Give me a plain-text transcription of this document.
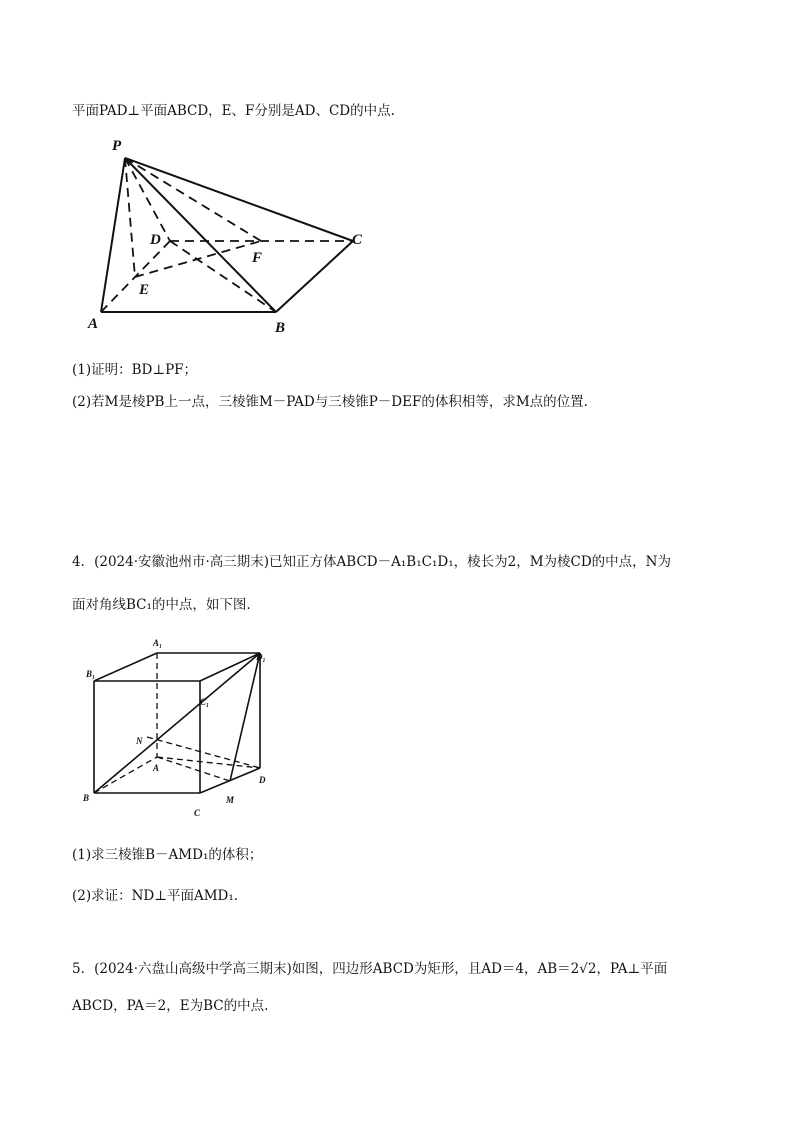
平面PAD⊥平面ABCD，E、F分别是AD、CD的中点.
P
A	B
C
D
E
F
(1)证明：BD⊥PF；
(2)若M是棱PB上一点，三棱锥M－PAD与三棱锥P－DEF的体积相等，求M点的位置.
4．(2024·安徽池州市·高三期末)已知正方体ABCD－A₁B₁C₁D₁，棱长为2，M为棱CD的中点，N为
面对角线BC₁的中点，如下图.
A₁
B₁
C₁
D₁
N
A
B
C
D
M
(1)求三棱锥B－AMD₁的体积；
(2)求证：ND⊥平面AMD₁.
5．(2024·六盘山高级中学高三期末)如图，四边形ABCD为矩形，且AD＝4，AB＝2√2，PA⊥平面
ABCD，PA＝2，E为BC的中点.
